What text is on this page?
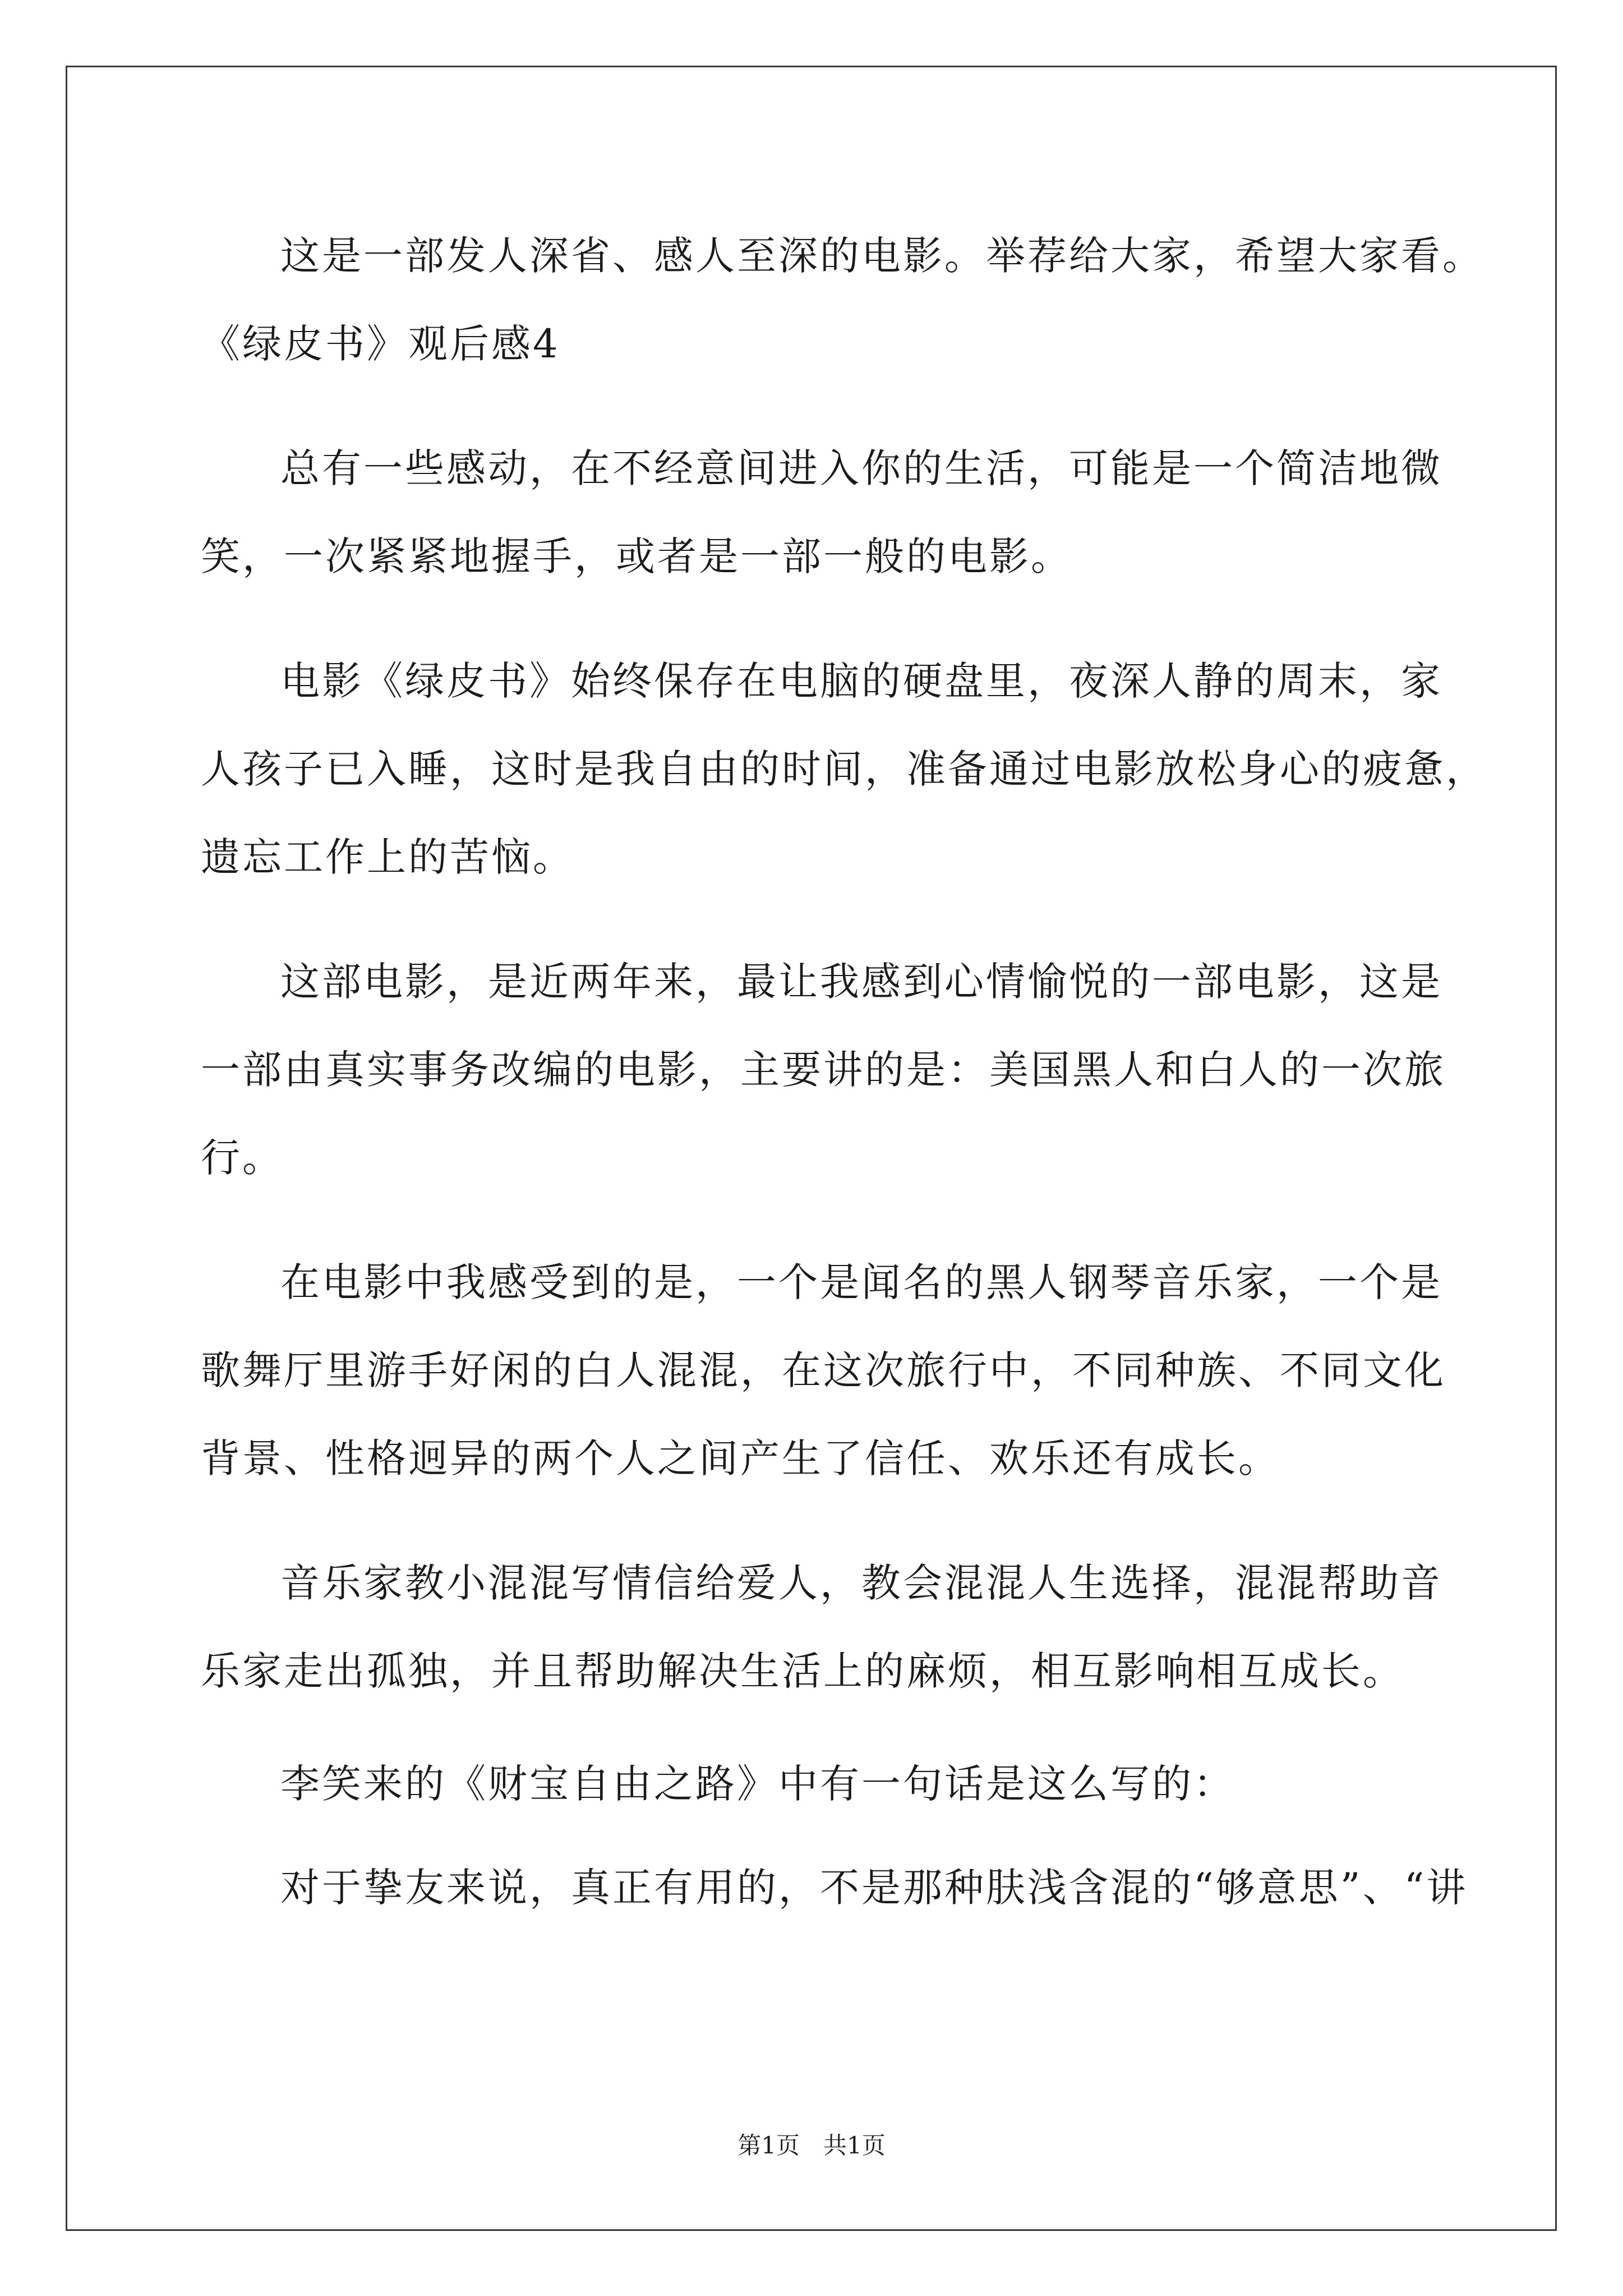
这是一部发人深省、感人至深的电影。举荐给大家，希望大家看。
《绿皮书》观后感4
总有一些感动，在不经意间进入你的生活，可能是一个简洁地微
笑，一次紧紧地握手，或者是一部一般的电影。
电影《绿皮书》始终保存在电脑的硬盘里，夜深人静的周末，家
人孩子已入睡，这时是我自由的时间，准备通过电影放松身心的疲惫，
遗忘工作上的苦恼。
这部电影，是近两年来，最让我感到心情愉悦的一部电影，这是
一部由真实事务改编的电影，主要讲的是：美国黑人和白人的一次旅
行。
在电影中我感受到的是，一个是闻名的黑人钢琴音乐家，一个是
歌舞厅里游手好闲的白人混混，在这次旅行中，不同种族、不同文化
背景、性格迥异的两个人之间产生了信任、欢乐还有成长。
音乐家教小混混写情信给爱人，教会混混人生选择，混混帮助音
乐家走出孤独，并且帮助解决生活上的麻烦，相互影响相互成长。
李笑来的《财宝自由之路》中有一句话是这么写的：
对于挚友来说，真正有用的，不是那种肤浅含混的“够意思”、“讲
第1页　共1页
